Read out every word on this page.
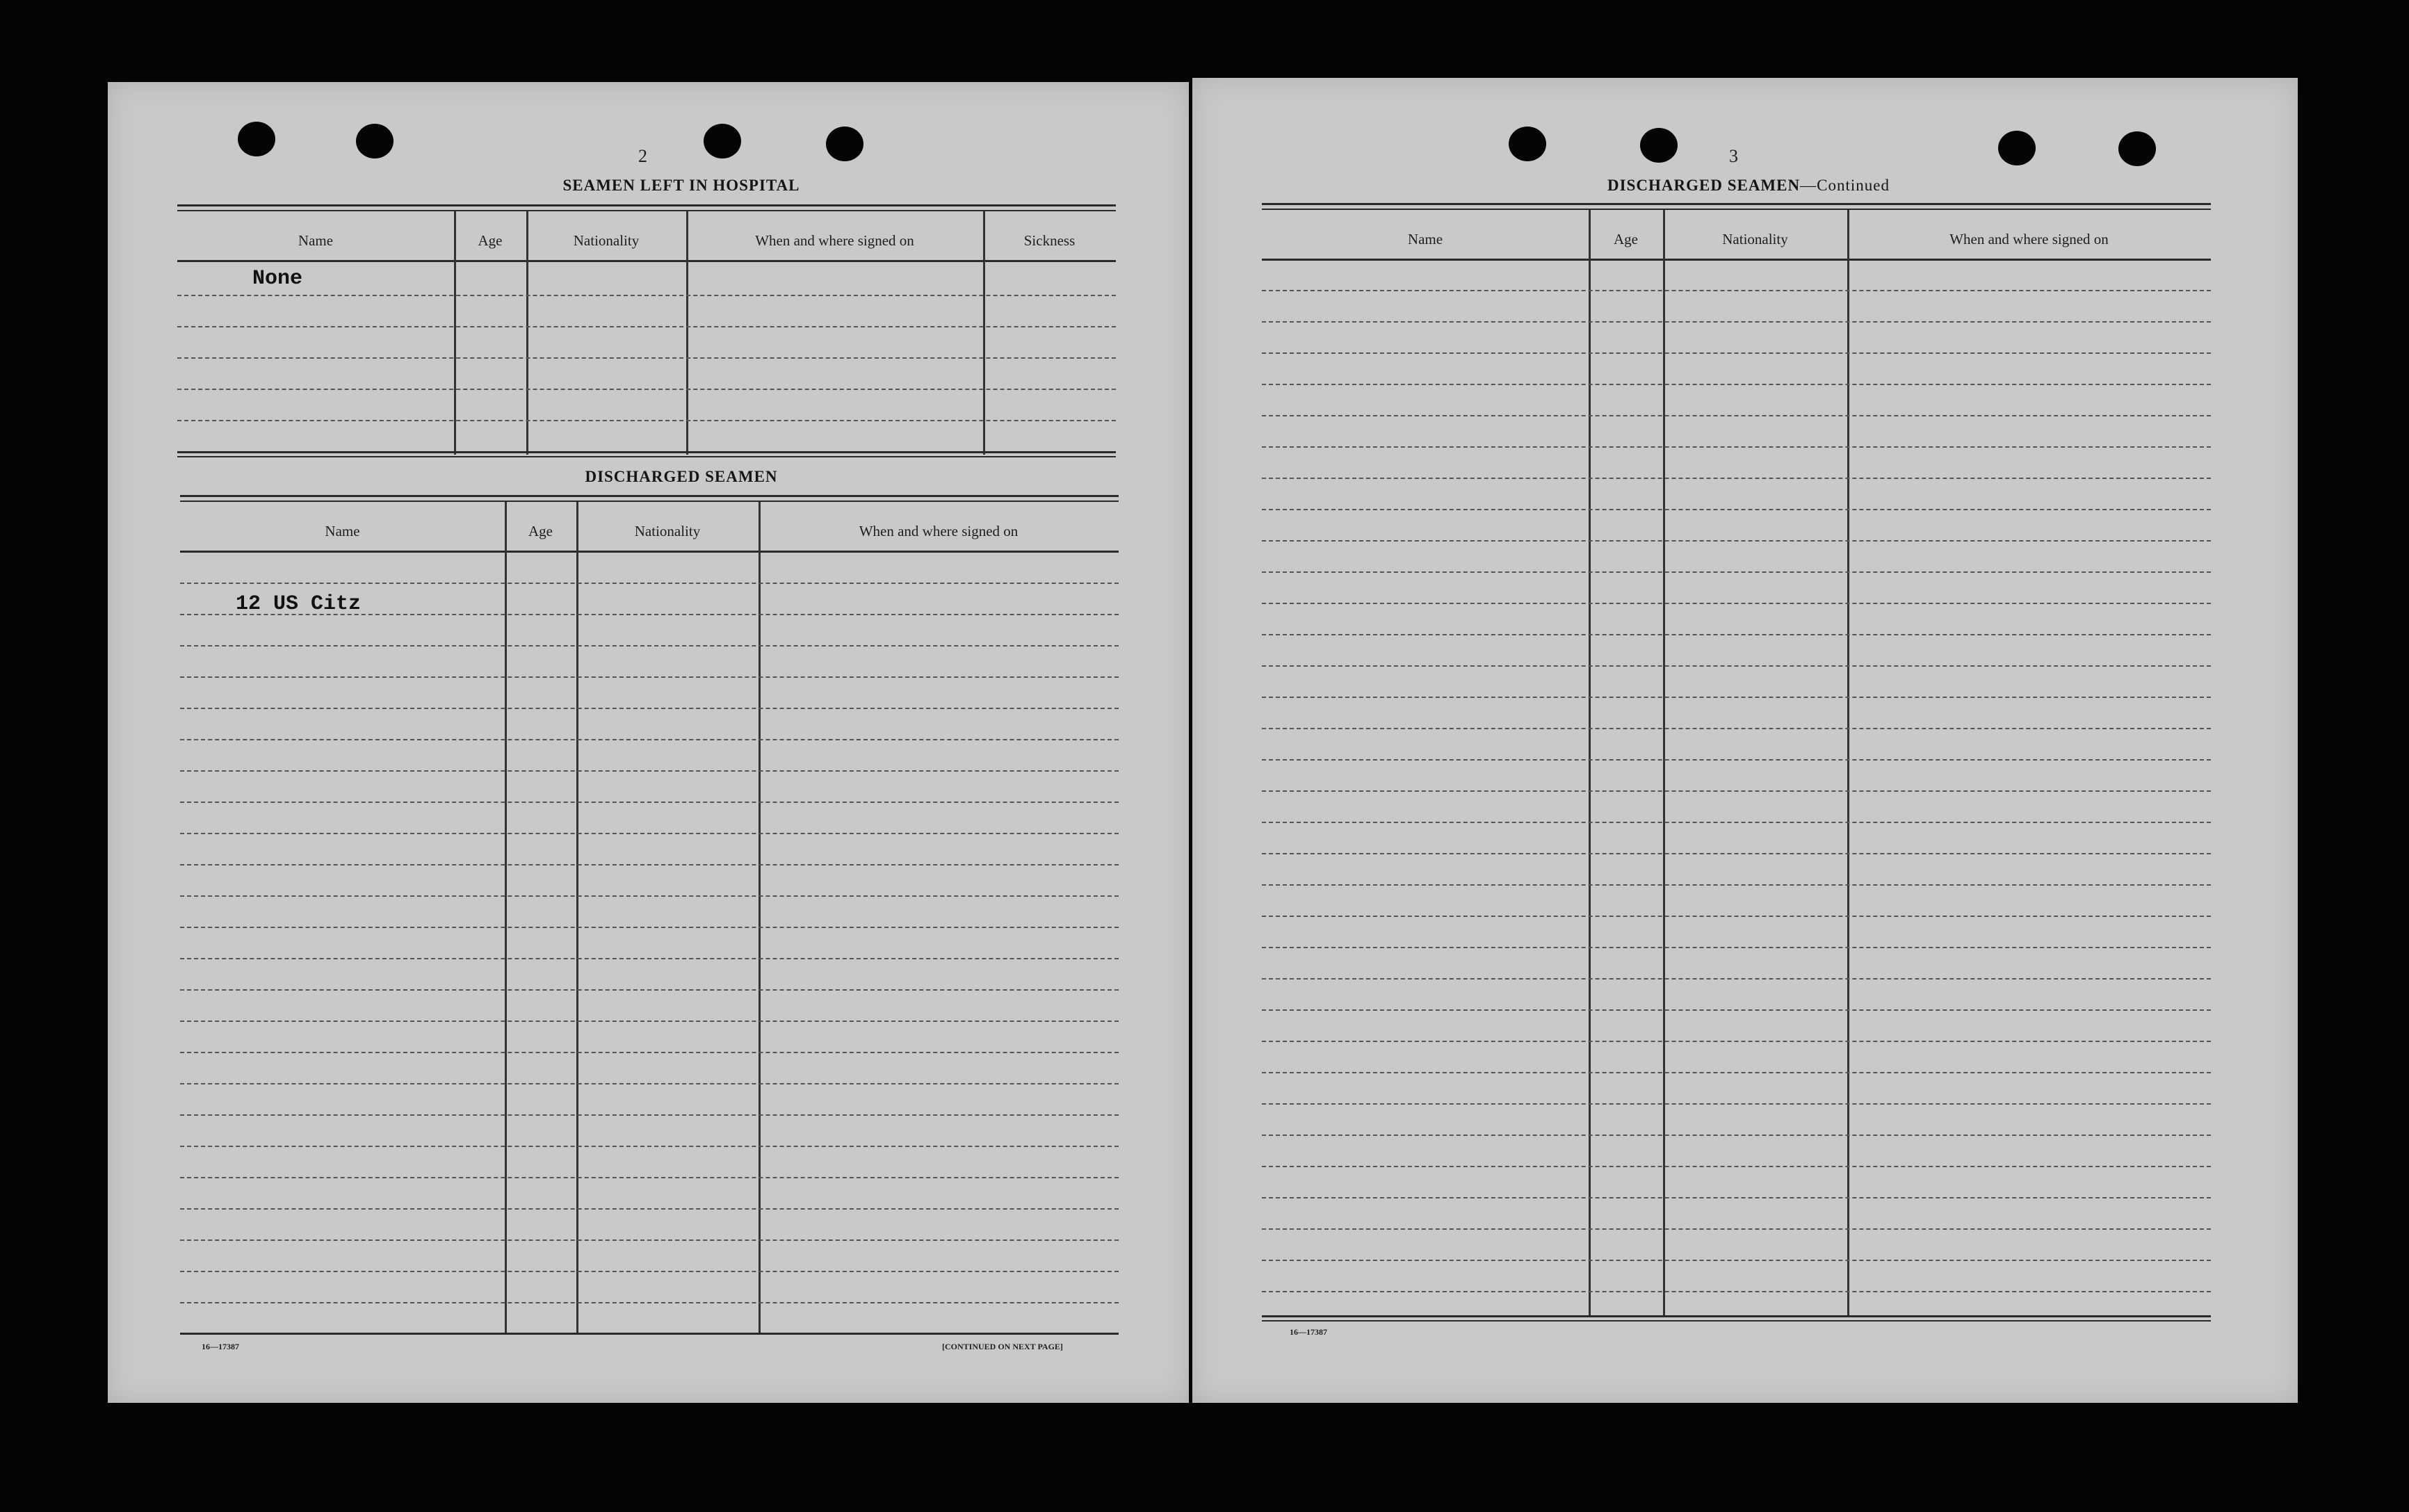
2
SEAMEN LEFT IN HOSPITAL
Name	Age	Nationality	When and where signed on	Sickness
None
DISCHARGED SEAMEN
Name	Age	Nationality	When and where signed on
12 US Citz
16—17387	[CONTINUED ON NEXT PAGE]
3
DISCHARGED SEAMEN—Continued
Name	Age	Nationality	When and where signed on
16—17387
